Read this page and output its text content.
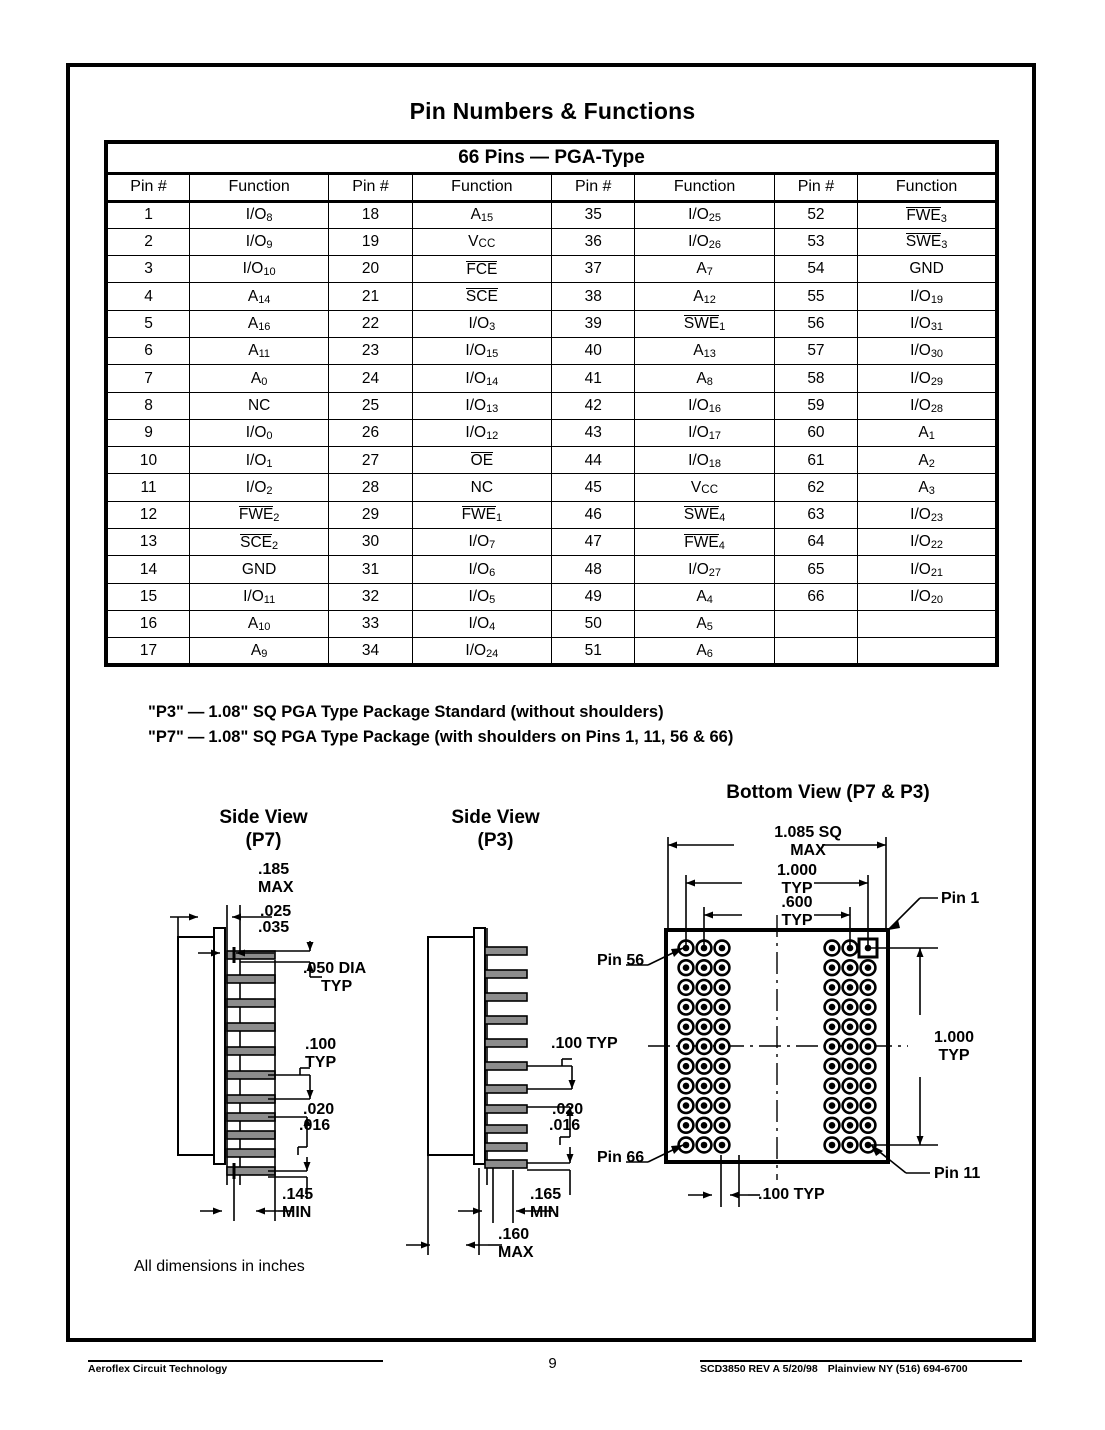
Pin Numbers & Functions
66 Pins — PGA-Type							
Pin #	Function	Pin #	Function	Pin #	Function	Pin #	Function
1	I/O8	18	A15	35	I/O25	52	FWE3
2	I/O9	19	VCC	36	I/O26	53	SWE3
3	I/O10	20	FCE	37	A7	54	GND
4	A14	21	SCE	38	A12	55	I/O19
5	A16	22	I/O3	39	SWE1	56	I/O31
6	A11	23	I/O15	40	A13	57	I/O30
7	A0	24	I/O14	41	A8	58	I/O29
8	NC	25	I/O13	42	I/O16	59	I/O28
9	I/O0	26	I/O12	43	I/O17	60	A1
10	I/O1	27	OE	44	I/O18	61	A2
11	I/O2	28	NC	45	VCC	62	A3
12	FWE2	29	FWE1	46	SWE4	63	I/O23
13	SCE2	30	I/O7	47	FWE4	64	I/O22
14	GND	31	I/O6	48	I/O27	65	I/O21
15	I/O11	32	I/O5	49	A4	66	I/O20
16	A10	33	I/O4	50	A5		
17	A9	34	I/O24	51	A6		
"P3" — 1.08" SQ PGA Type Package Standard (without shoulders)
"P7" — 1.08" SQ PGA Type Package (with shoulders on Pins 1, 11, 56 & 66)
Side View
(P7)
Side View
(P3)
Bottom View (P7 & P3)
.185
MAX
.025
.035
.050 DIA
TYP
.100
TYP
.020
.016
.145
MIN
.100 TYP
.020
.016
.165
MIN
.160
MAX
1.085 SQ
MAX
1.000
TYP
.600
TYP
1.000
TYP
.100 TYP
Pin 1
Pin 11
Pin 56
Pin 66
All dimensions in inches
Aeroflex Circuit Technology	9	SCD3850 REV A 5/20/98 Plainview NY (516) 694-6700
